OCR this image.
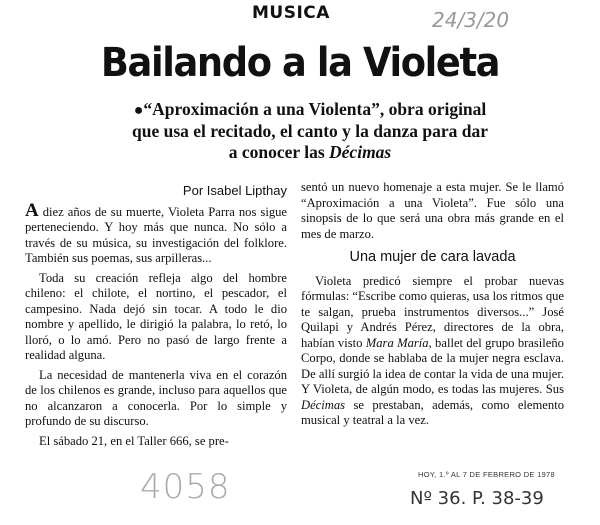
MUSICA	24/3/20
Bailando a la Violeta
●“Aproximación a una Violenta”, obra original
que usa el recitado, el canto y la danza para dar
a conocer las Décimas
Por Isabel Lipthay

A diez años de su muerte, Violeta Parra nos sigue perteneciendo. Y hoy más que nunca. No sólo a través de su música, su investigación del folklore. También sus poemas, sus arpilleras...

Toda su creación refleja algo del hombre chileno: el chilote, el nortino, el pescador, el campesino. Nada dejó sin tocar. A todo le dio nombre y apellido, le dirigió la palabra, lo retó, lo lloró, o lo amó. Pero no pasó de largo frente a realidad alguna.

La necesidad de mantenerla viva en el corazón de los chilenos es grande, incluso para aquellos que no alcanzaron a conocerla. Por lo simple y profundo de su discurso.

El sábado 21, en el Taller 666, se pre-

sentó un nuevo homenaje a esta mujer. Se le llamó “Aproximación a una Violeta”. Fue sólo una sinopsis de lo que será una obra más grande en el mes de marzo.

Una mujer de cara lavada

Violeta predicó siempre el probar nuevas fórmulas: “Escribe como quieras, usa los ritmos que te salgan, prueba instrumentos diversos...” José Quilapi y Andrés Pérez, directores de la obra, habían visto Mara María, ballet del grupo brasileño Corpo, donde se hablaba de la mujer negra esclava. De allí surgió la idea de contar la vida de una mujer. Y Violeta, de algún modo, es todas las mujeres. Sus Décimas se prestaban, además, como elemento musical y teatral a la vez.

HOY, 1.º AL 7 DE FEBRERO DE 1978
4058	Nº 36. P. 38-39
